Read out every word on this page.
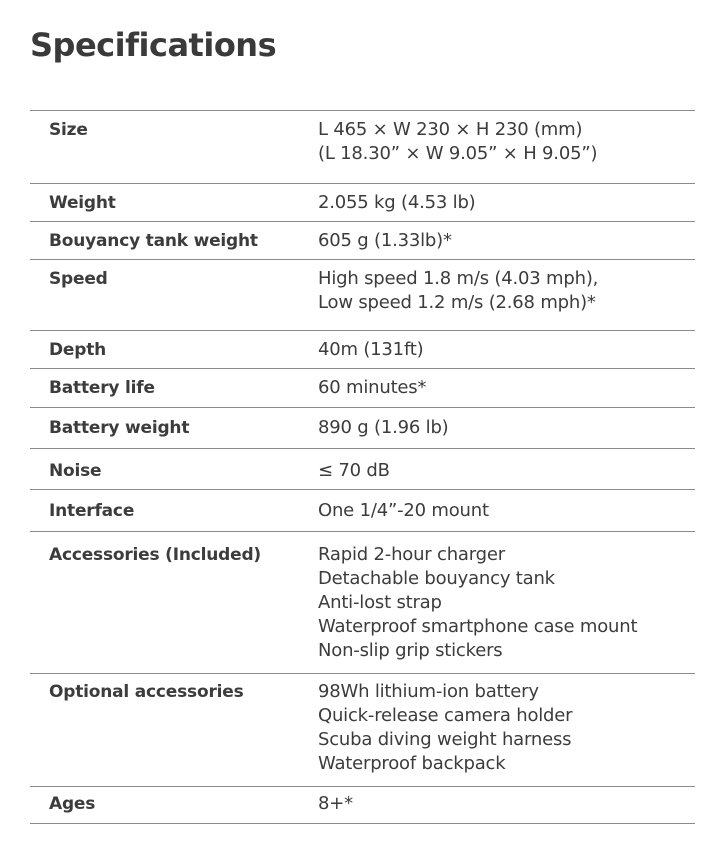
Specifications
Size	L 465 × W 230 × H 230 (mm)
(L 18.30” × W 9.05” × H 9.05”)

Weight	2.055 kg (4.53 lb)

Bouyancy tank weight	605 g (1.33lb)*

Speed	High speed 1.8 m/s (4.03 mph),
Low speed 1.2 m/s (2.68 mph)*

Depth	40m (131ft)

Battery life	60 minutes*

Battery weight	890 g (1.96 lb)

Noise	≤ 70 dB

Interface	One 1/4”-20 mount

Accessories (Included)	Rapid 2-hour charger
Detachable bouyancy tank
Anti-lost strap
Waterproof smartphone case mount
Non-slip grip stickers

Optional accessories	98Wh lithium-ion battery
Quick-release camera holder
Scuba diving weight harness
Waterproof backpack

Ages	8+*
